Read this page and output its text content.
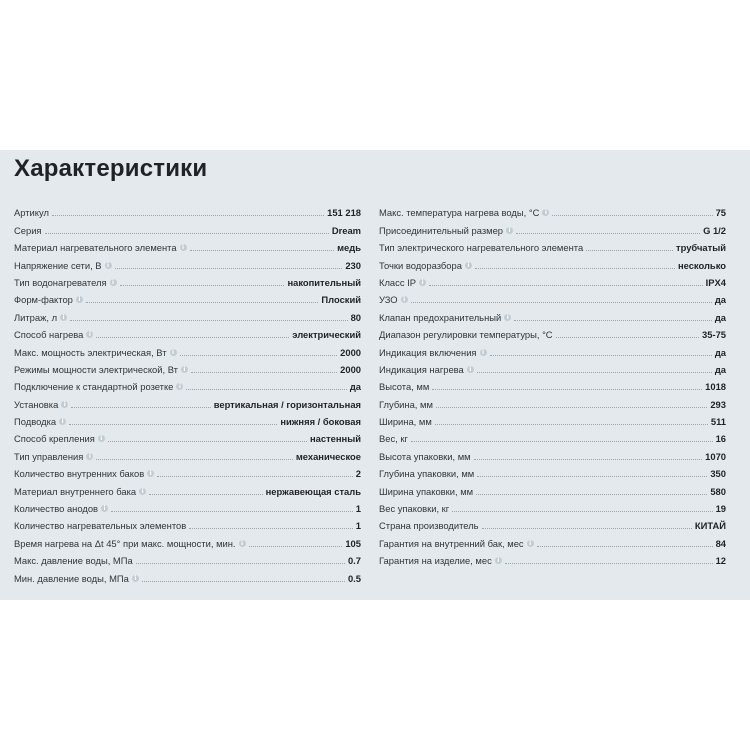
Характеристики
Артикул	151 218
Серия	Dream
Материал нагревательного элемента i	медь
Напряжение сети, В i	230
Тип водонагревателя i	накопительный
Форм-фактор i	Плоский
Литраж, л i	80
Способ нагрева i	электрический
Макс. мощность электрическая, Вт i	2000
Режимы мощности электрической, Вт i	2000
Подключение к стандартной розетке i	да
Установка i	вертикальная / горизонтальная
Подводка i	нижняя / боковая
Способ крепления i	настенный
Тип управления i	механическое
Количество внутренних баков i	2
Материал внутреннего бака i	нержавеющая сталь
Количество анодов i	1
Количество нагревательных элементов	1
Время нагрева на Δt 45° при макс. мощности, мин. i	105
Макс. давление воды, МПа	0.7
Мин. давление воды, МПа i	0.5
Макс. температура нагрева воды, °С i	75
Присоединительный размер i	G 1/2
Тип электрического нагревательного элемента	трубчатый
Точки водоразбора i	несколько
Класс IP i	IPX4
УЗО i	да
Клапан предохранительный i	да
Диапазон регулировки температуры, °С	35-75
Индикация включения i	да
Индикация нагрева i	да
Высота, мм	1018
Глубина, мм	293
Ширина, мм	511
Вес, кг	16
Высота упаковки, мм	1070
Глубина упаковки, мм	350
Ширина упаковки, мм	580
Вес упаковки, кг	19
Страна производитель	КИТАЙ
Гарантия на внутренний бак, мес i	84
Гарантия на изделие, мес i	12
